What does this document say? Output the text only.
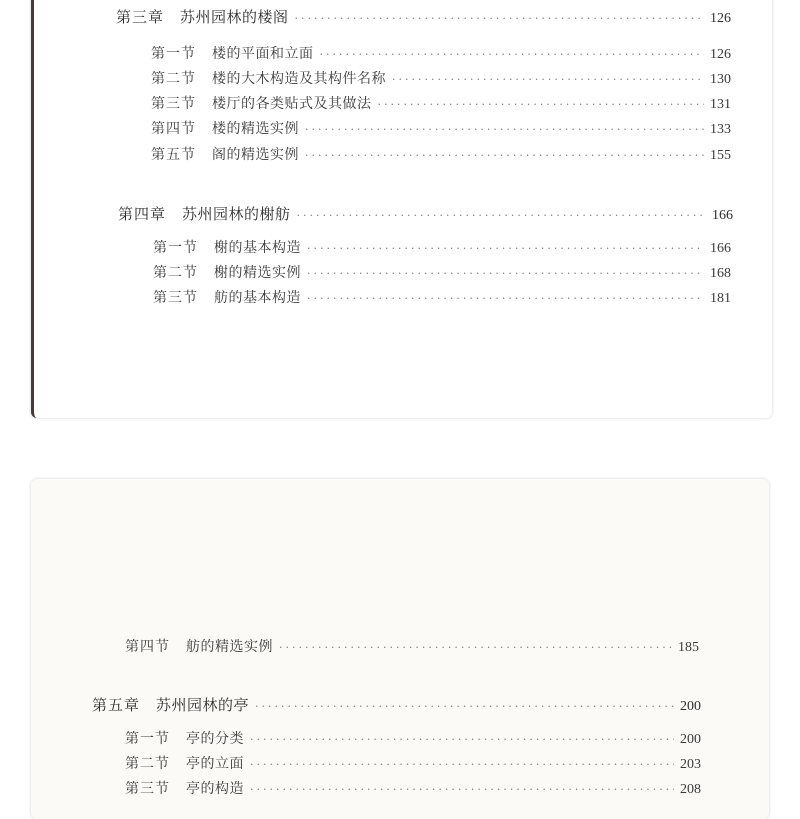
第三章 苏州园林的楼阁 ·····	126
第一节 楼的平面和立面 ·····	126
第二节 楼的大木构造及其构件名称 ·····	130
第三节 楼厅的各类贴式及其做法 ·····	131
第四节 楼的精选实例 ·····	133
第五节 阁的精选实例 ·····	155
第四章 苏州园林的榭舫 ·····	166
第一节 榭的基本构造 ·····	166
第二节 榭的精选实例 ·····	168
第三节 舫的基本构造 ·····	181
第四节 舫的精选实例 ·····	185
第五章 苏州园林的亭 ·····	200
第一节 亭的分类 ·····	200
第二节 亭的立面 ·····	203
第三节 亭的构造 ·····	208
